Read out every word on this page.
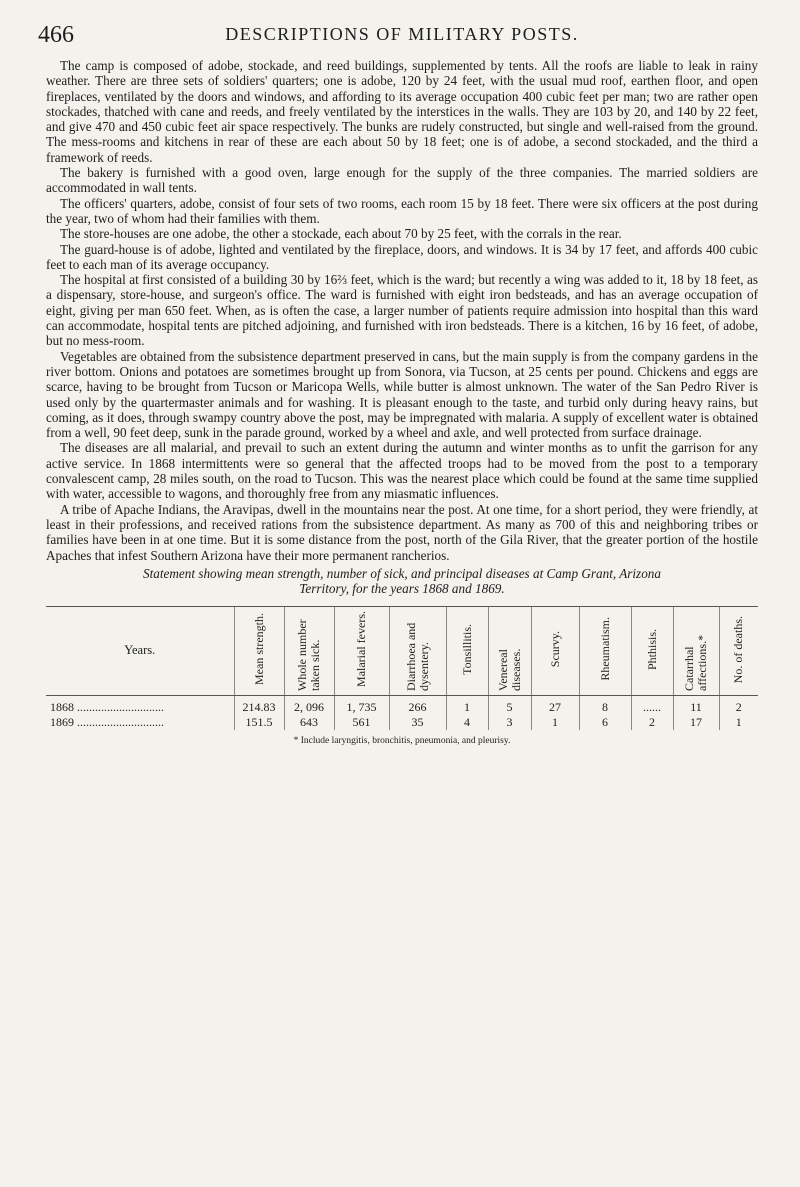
466	DESCRIPTIONS OF MILITARY POSTS.

The camp is composed of adobe, stockade, and reed buildings, supplemented by tents. All the roofs are liable to leak in rainy weather. There are three sets of soldiers' quarters; one is adobe, 120 by 24 feet, with the usual mud roof, earthen floor, and open fireplaces, ventilated by the doors and windows, and affording to its average occupation 400 cubic feet per man; two are rather open stockades, thatched with cane and reeds, and freely ventilated by the interstices in the walls. They are 103 by 20, and 140 by 22 feet, and give 470 and 450 cubic feet air space respectively. The bunks are rudely constructed, but single and well-raised from the ground. The mess-rooms and kitchens in rear of these are each about 50 by 18 feet; one is of adobe, a second stockaded, and the third a framework of reeds.

The bakery is furnished with a good oven, large enough for the supply of the three companies. The married soldiers are accommodated in wall tents.

The officers' quarters, adobe, consist of four sets of two rooms, each room 15 by 18 feet. There were six officers at the post during the year, two of whom had their families with them.

The store-houses are one adobe, the other a stockade, each about 70 by 25 feet, with the corrals in the rear.

The guard-house is of adobe, lighted and ventilated by the fireplace, doors, and windows. It is 34 by 17 feet, and affords 400 cubic feet to each man of its average occupancy.

The hospital at first consisted of a building 30 by 16⅔ feet, which is the ward; but recently a wing was added to it, 18 by 18 feet, as a dispensary, store-house, and surgeon's office. The ward is furnished with eight iron bedsteads, and has an average occupation of eight, giving per man 650 feet. When, as is often the case, a larger number of patients require admission into hospital than this ward can accommodate, hospital tents are pitched adjoining, and furnished with iron bedsteads. There is a kitchen, 16 by 16 feet, of adobe, but no mess-room.

Vegetables are obtained from the subsistence department preserved in cans, but the main supply is from the company gardens in the river bottom. Onions and potatoes are sometimes brought up from Sonora, via Tucson, at 25 cents per pound. Chickens and eggs are scarce, having to be brought from Tucson or Maricopa Wells, while butter is almost unknown. The water of the San Pedro River is used only by the quartermaster animals and for washing. It is pleasant enough to the taste, and turbid only during heavy rains, but coming, as it does, through swampy country above the post, may be impregnated with malaria. A supply of excellent water is obtained from a well, 90 feet deep, sunk in the parade ground, worked by a wheel and axle, and well protected from surface drainage.

The diseases are all malarial, and prevail to such an extent during the autumn and winter months as to unfit the garrison for any active service. In 1868 intermittents were so general that the affected troops had to be moved from the post to a temporary convalescent camp, 28 miles south, on the road to Tucson. This was the nearest place which could be found at the same time supplied with water, accessible to wagons, and thoroughly free from any miasmatic influences.

A tribe of Apache Indians, the Aravipas, dwell in the mountains near the post. At one time, for a short period, they were friendly, at least in their professions, and received rations from the subsistence department. As many as 700 of this and neighboring tribes or families have been in at one time. But it is some distance from the post, north of the Gila River, that the greater portion of the hostile Apaches that infest Southern Arizona have their more permanent rancherios.

Statement showing mean strength, number of sick, and principal diseases at Camp Grant, Arizona
Territory, for the years 1868 and 1869.
Years.	Mean strength.	Whole number taken sick.	Malarial fevers.	Diarrhoea and dysentery.	Tonsillitis.	Venereal diseases.	Scurvy.	Rheumatism.	Phthisis.	Catarrhal affections.*	No. of deaths.
1868 .............................	214.83	2, 096	1, 735	266	1	5	27	8	......	11	2
1869 .............................	151.5	643	561	35	4	3	1	6	2	17	1
* Include laryngitis, bronchitis, pneumonia, and pleurisy.
